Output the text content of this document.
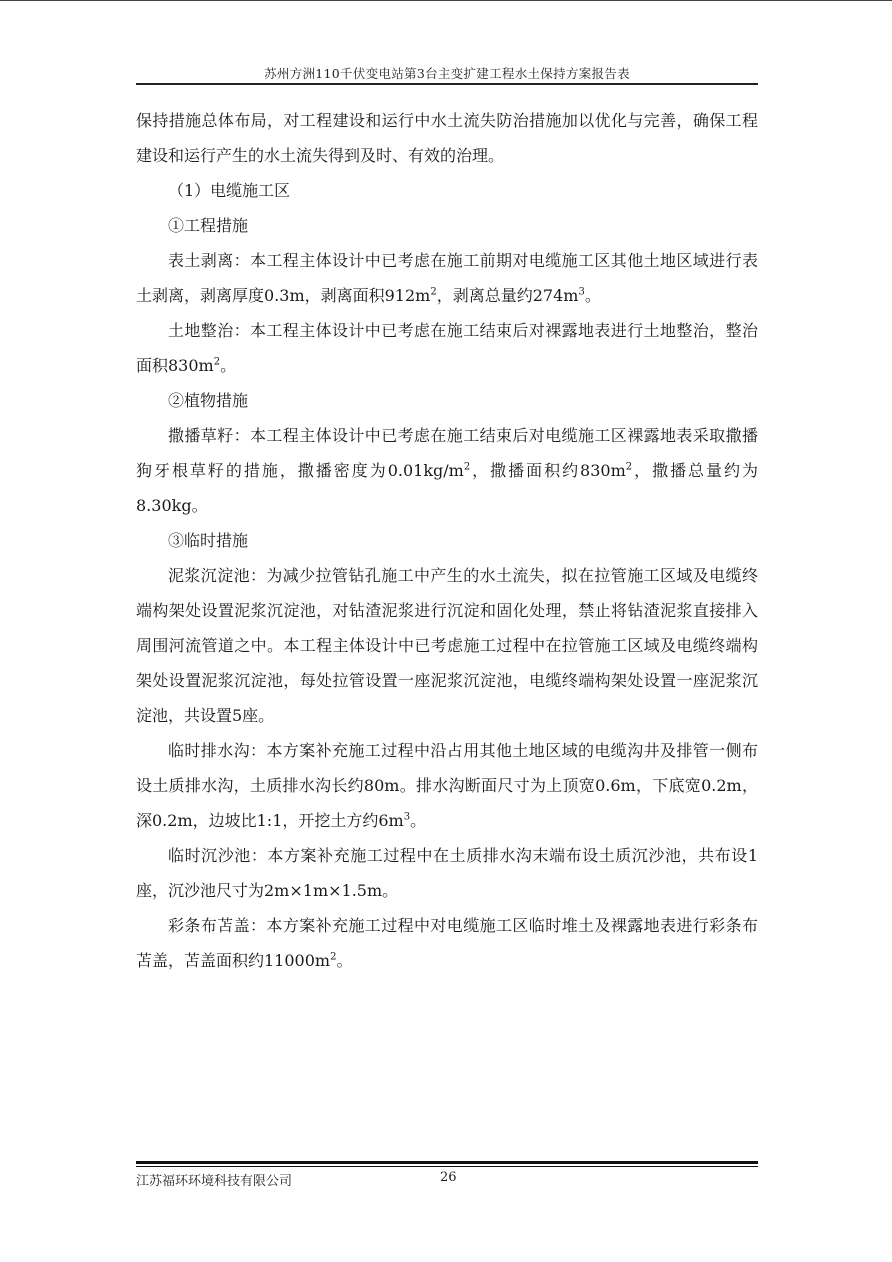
苏州方洲110千伏变电站第3台主变扩建工程水土保持方案报告表

保持措施总体布局，对工程建设和运行中水土流失防治措施加以优化与完善，确保工程建设和运行产生的水土流失得到及时、有效的治理。

（1）电缆施工区

①工程措施

表土剥离：本工程主体设计中已考虑在施工前期对电缆施工区其他土地区域进行表土剥离，剥离厚度0.3m，剥离面积$912m^2$，剥离总量约$274m^3$。

土地整治：本工程主体设计中已考虑在施工结束后对裸露地表进行土地整治，整治面积$830m^2$。

②植物措施

撒播草籽：本工程主体设计中已考虑在施工结束后对电缆施工区裸露地表采取撒播狗牙根草籽的措施，撒播密度为$0.01kg/m^2$，撒播面积约$830m^2$，撒播总量约为8.30kg。

③临时措施

泥浆沉淀池：为减少拉管钻孔施工中产生的水土流失，拟在拉管施工区域及电缆终端构架处设置泥浆沉淀池，对钻渣泥浆进行沉淀和固化处理，禁止将钻渣泥浆直接排入周围河流管道之中。本工程主体设计中已考虑施工过程中在拉管施工区域及电缆终端构架处设置泥浆沉淀池，每处拉管设置一座泥浆沉淀池，电缆终端构架处设置一座泥浆沉淀池，共设置5座。

临时排水沟：本方案补充施工过程中沿占用其他土地区域的电缆沟井及排管一侧布设土质排水沟，土质排水沟长约80m。排水沟断面尺寸为上顶宽0.6m，下底宽0.2m，深0.2m，边坡比1:1，开挖土方约$6m^3$。

临时沉沙池：本方案补充施工过程中在土质排水沟末端布设土质沉沙池，共布设1座，沉沙池尺寸为2m×1m×1.5m。

彩条布苫盖：本方案补充施工过程中对电缆施工区临时堆土及裸露地表进行彩条布苫盖，苫盖面积约$11000m^2$。

江苏福环环境科技有限公司	26
